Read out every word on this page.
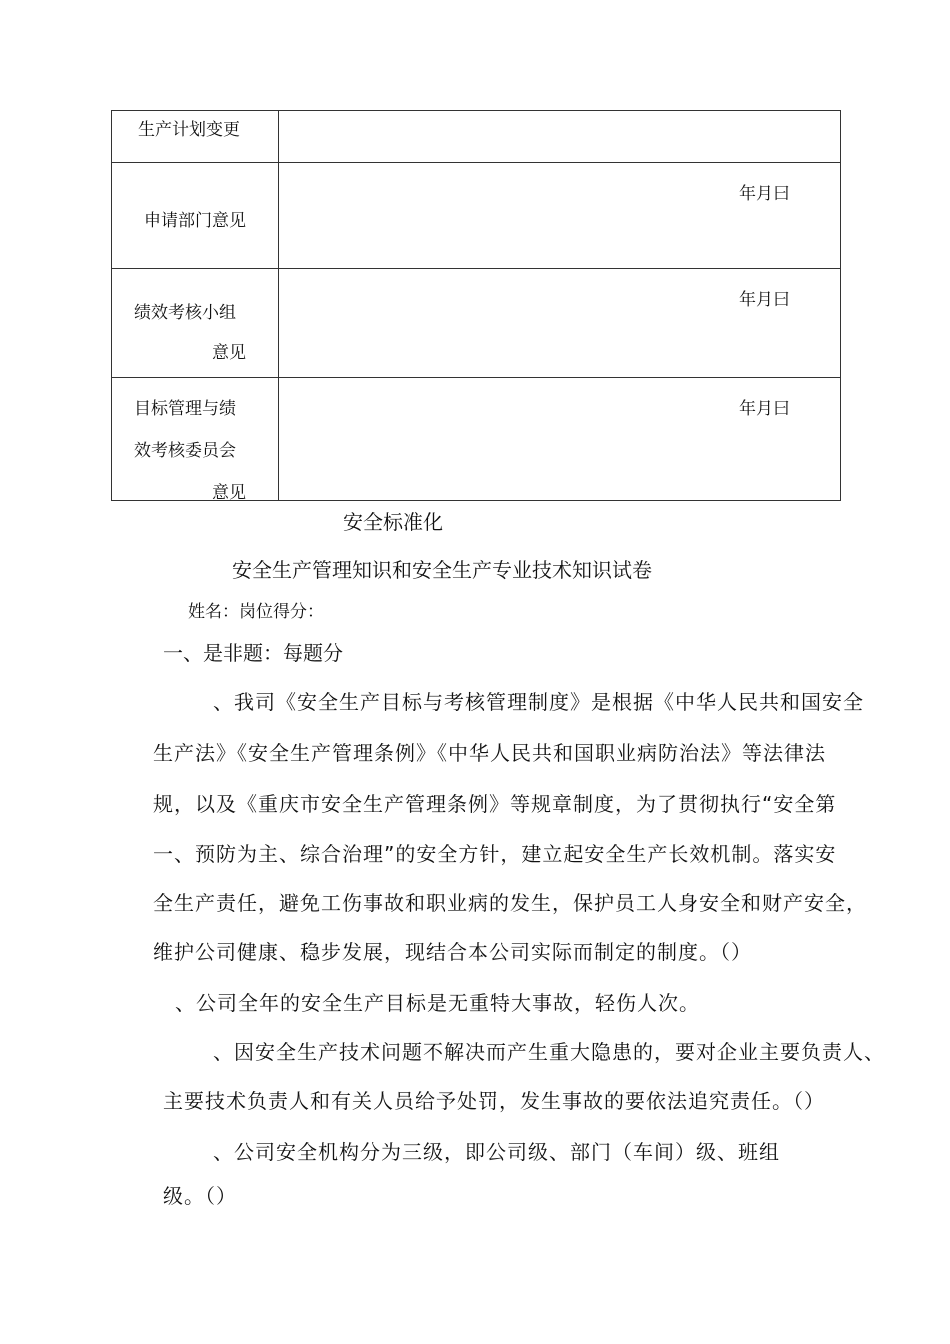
生产计划变更	

申请部门意见	年月曰

绩效考核小组
意见	年月曰

目标管理与绩
效考核委员会
意见	年月曰
安全标准化
安全生产管理知识和安全生产专业技术知识试卷
姓名：岗位得分：
一、是非题：每题分
、我司《安全生产目标与考核管理制度》是根据《中华人民共和国安全
生产法》《安全生产管理条例》《中华人民共和国职业病防治法》等法律法
规，以及《重庆市安全生产管理条例》等规章制度，为了贯彻执行“安全第
一、预防为主、综合治理”的安全方针，建立起安全生产长效机制。落实安
全生产责任，避免工伤事故和职业病的发生，保护员工人身安全和财产安全，
维护公司健康、稳步发展，现结合本公司实际而制定的制度。（）
、公司全年的安全生产目标是无重特大事故，轻伤人次。
、因安全生产技术问题不解决而产生重大隐患的，要对企业主要负责人、
主要技术负责人和有关人员给予处罚，发生事故的要依法追究责任。（）
、公司安全机构分为三级，即公司级、部门（车间）级、班组
级。（）
